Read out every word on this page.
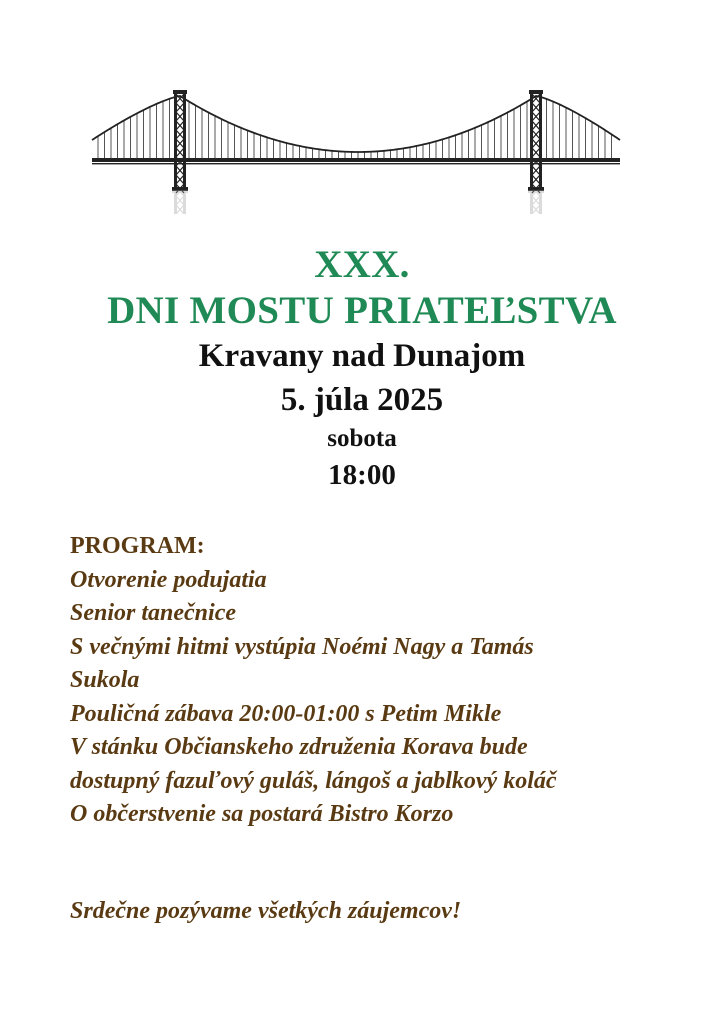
XXX.
DNI MOSTU PRIATEĽSTVA
Kravany nad Dunajom
5. júla 2025
sobota
18:00
PROGRAM:
Otvorenie podujatia
Senior tanečnice
S večnými hitmi vystúpia Noémi Nagy a Tamás
Sukola
Pouličná zábava 20:00-01:00 s Petim Mikle
V stánku Občianskeho združenia Korava bude
dostupný fazuľový guláš, lángoš a jablkový koláč
O občerstvenie sa postará Bistro Korzo
Srdečne pozývame všetkých záujemcov!
